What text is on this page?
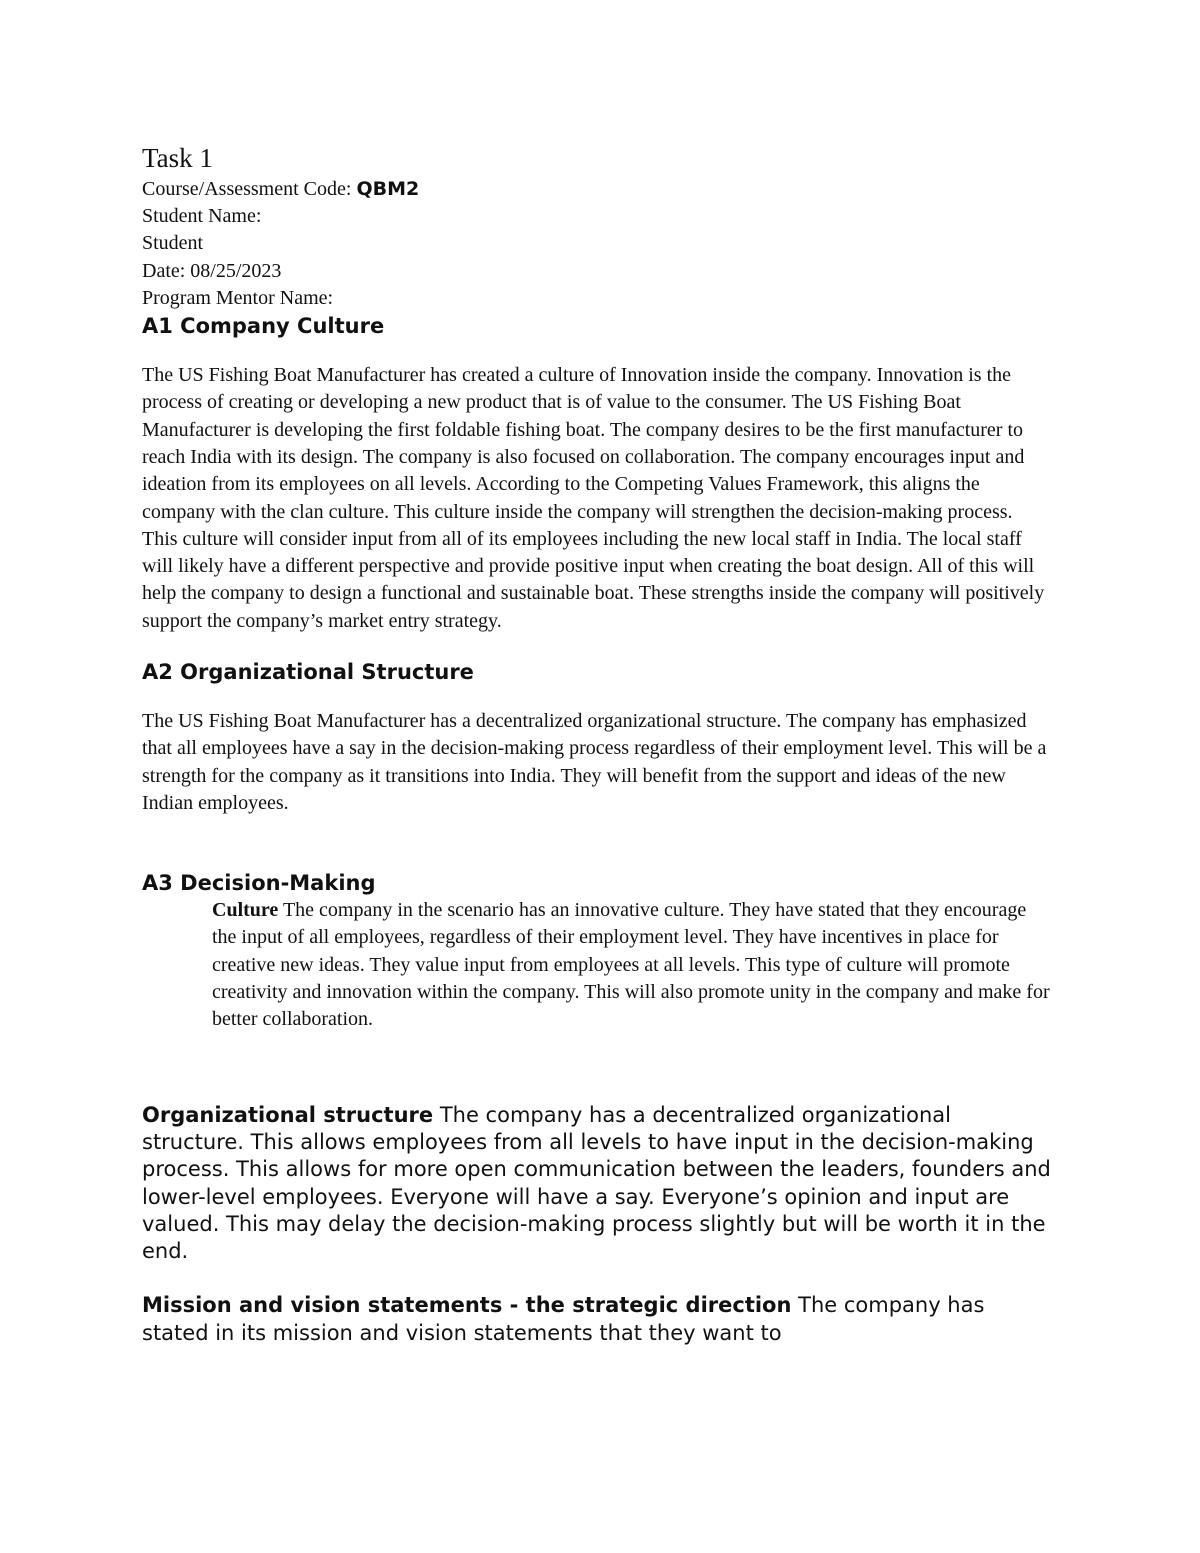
Task 1

Course/Assessment Code: QBM2

Student Name:

Student

Date: 08/25/2023

Program Mentor Name:

A1 Company Culture

The US Fishing Boat Manufacturer has created a culture of Innovation inside the company. Innovation is the process of creating or developing a new product that is of value to the consumer. The US Fishing Boat Manufacturer is developing the first foldable fishing boat. The company desires to be the first manufacturer to reach India with its design. The company is also focused on collaboration. The company encourages input and ideation from its employees on all levels. According to the Competing Values Framework, this aligns the company with the clan culture. This culture inside the company will strengthen the decision-making process. This culture will consider input from all of its employees including the new local staff in India. The local staff will likely have a different perspective and provide positive input when creating the boat design. All of this will help the company to design a functional and sustainable boat. These strengths inside the company will positively support the company’s market entry strategy.

A2 Organizational Structure

The US Fishing Boat Manufacturer has a decentralized organizational structure. The company has emphasized that all employees have a say in the decision-making process regardless of their employment level. This will be a strength for the company as it transitions into India. They will benefit from the support and ideas of the new Indian employees.

A3 Decision-Making

Culture The company in the scenario has an innovative culture. They have stated that they encourage the input of all employees, regardless of their employment level. They have incentives in place for creative new ideas. They value input from employees at all levels. This type of culture will promote creativity and innovation within the company. This will also promote unity in the company and make for better collaboration.

Organizational structure The company has a decentralized organizational structure. This allows employees from all levels to have input in the decision-making process. This allows for more open communication between the leaders, founders and lower-level employees. Everyone will have a say. Everyone’s opinion and input are valued. This may delay the decision-making process slightly but will be worth it in the end.

Mission and vision statements - the strategic direction The company has stated in its mission and vision statements that they want to
